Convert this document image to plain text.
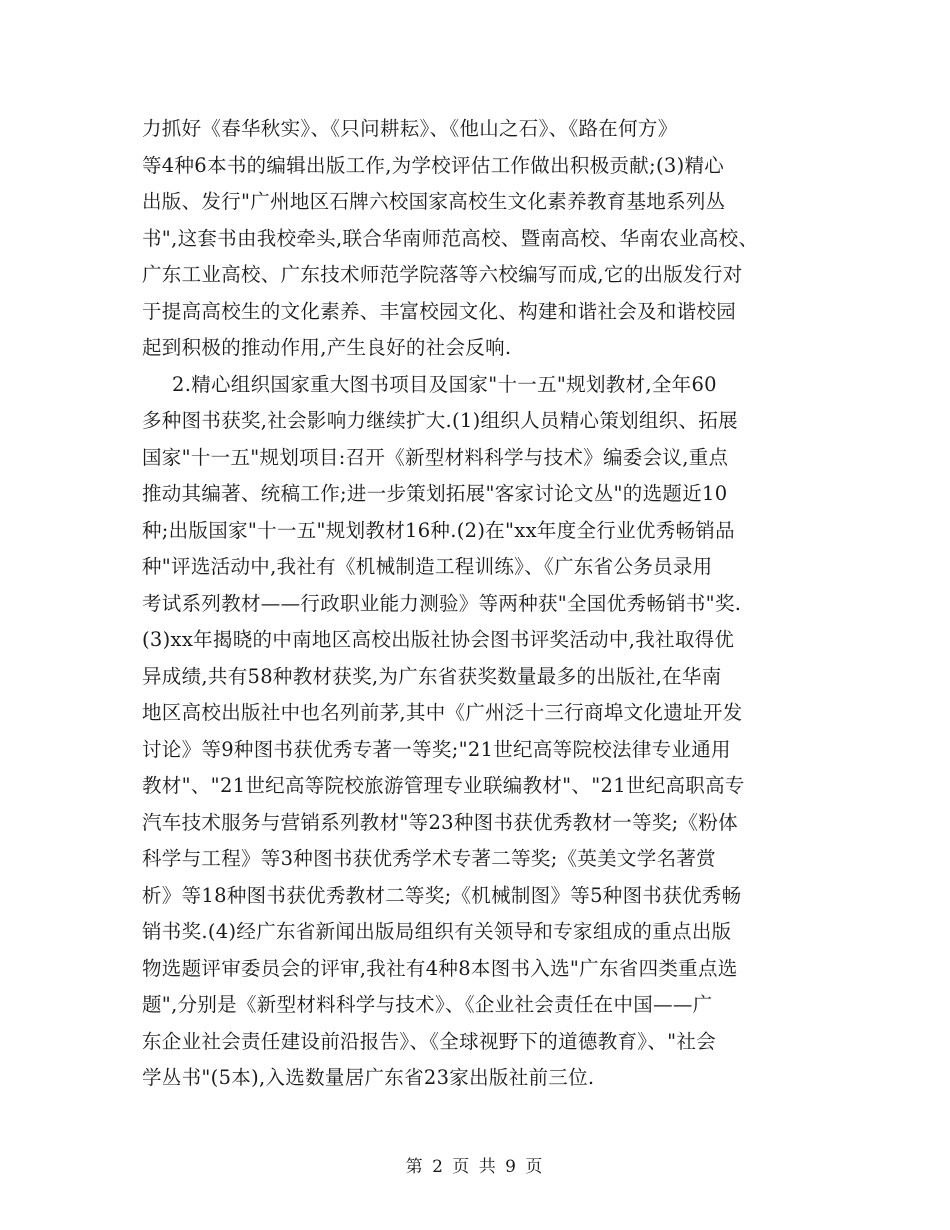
力抓好《春华秋实》、《只问耕耘》、《他山之石》、《路在何方》
等4种6本书的编辑出版工作,为学校评估工作做出积极贡献;(3)精心
出版、发行"广州地区石牌六校国家高校生文化素养教育基地系列丛
书",这套书由我校牵头,联合华南师范高校、暨南高校、华南农业高校、
广东工业高校、广东技术师范学院落等六校编写而成,它的出版发行对
于提高高校生的文化素养、丰富校园文化、构建和谐社会及和谐校园
起到积极的推动作用,产生良好的社会反响.
2.精心组织国家重大图书项目及国家"十一五"规划教材,全年60
多种图书获奖,社会影响力继续扩大.(1)组织人员精心策划组织、拓展
国家"十一五"规划项目:召开《新型材料科学与技术》编委会议,重点
推动其编著、统稿工作;进一步策划拓展"客家讨论文丛"的选题近10
种;出版国家"十一五"规划教材16种.(2)在"xx年度全行业优秀畅销品
种"评选活动中,我社有《机械制造工程训练》、《广东省公务员录用
考试系列教材——行政职业能力测验》等两种获"全国优秀畅销书"奖.
(3)xx年揭晓的中南地区高校出版社协会图书评奖活动中,我社取得优
异成绩,共有58种教材获奖,为广东省获奖数量最多的出版社,在华南
地区高校出版社中也名列前茅,其中《广州泛十三行商埠文化遗址开发
讨论》等9种图书获优秀专著一等奖;"21世纪高等院校法律专业通用
教材"、"21世纪高等院校旅游管理专业联编教材"、"21世纪高职高专
汽车技术服务与营销系列教材"等23种图书获优秀教材一等奖;《粉体
科学与工程》等3种图书获优秀学术专著二等奖;《英美文学名著赏
析》等18种图书获优秀教材二等奖;《机械制图》等5种图书获优秀畅
销书奖.(4)经广东省新闻出版局组织有关领导和专家组成的重点出版
物选题评审委员会的评审,我社有4种8本图书入选"广东省四类重点选
题",分别是《新型材料科学与技术》、《企业社会责任在中国——广
东企业社会责任建设前沿报告》、《全球视野下的道德教育》、"社会
学丛书"(5本),入选数量居广东省23家出版社前三位.
第 2 页 共 9 页
